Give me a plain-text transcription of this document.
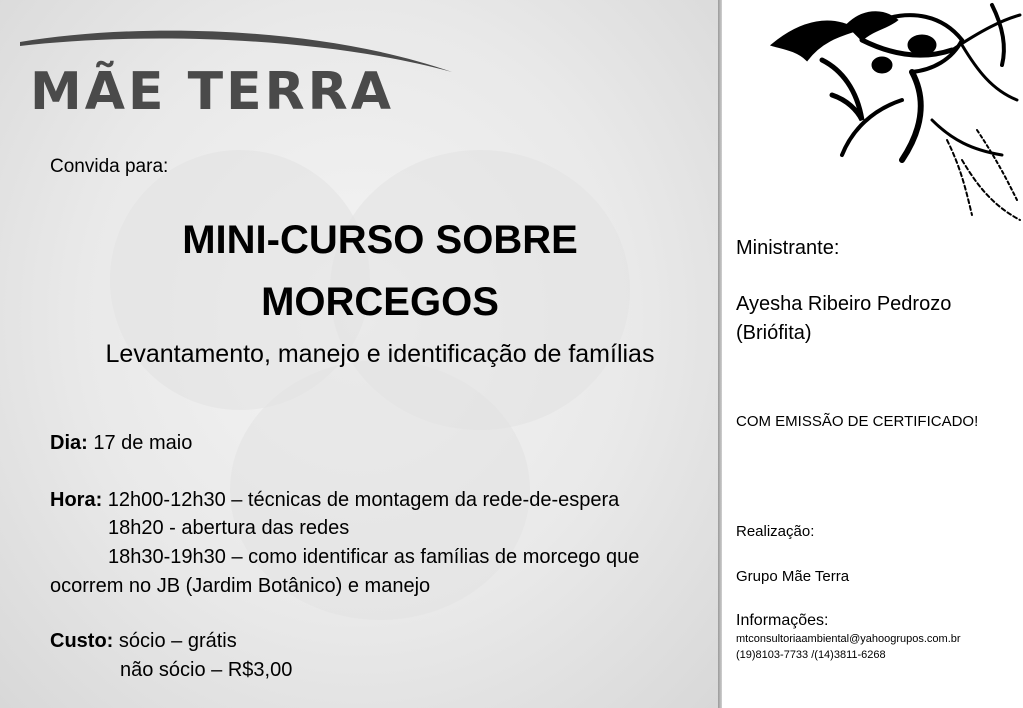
MÃE TERRA
Convida para:
MINI-CURSO SOBRE
MORCEGOS
Levantamento, manejo e identificação de famílias
Dia: 17 de maio
Hora: 12h00-12h30 – técnicas de montagem da rede-de-espera
18h20 - abertura das redes
18h30-19h30 – como identificar as famílias de morcego que
ocorrem no JB (Jardim Botânico) e manejo
Custo: sócio – grátis
não sócio – R$3,00
Ministrante:
Ayesha Ribeiro Pedrozo
(Briófita)
COM EMISSÃO DE CERTIFICADO!
Realização:
Grupo Mãe Terra
Informações:
mtconsultoriaambiental@yahoogrupos.com.br
(19)8103-7733 /(14)3811-6268
